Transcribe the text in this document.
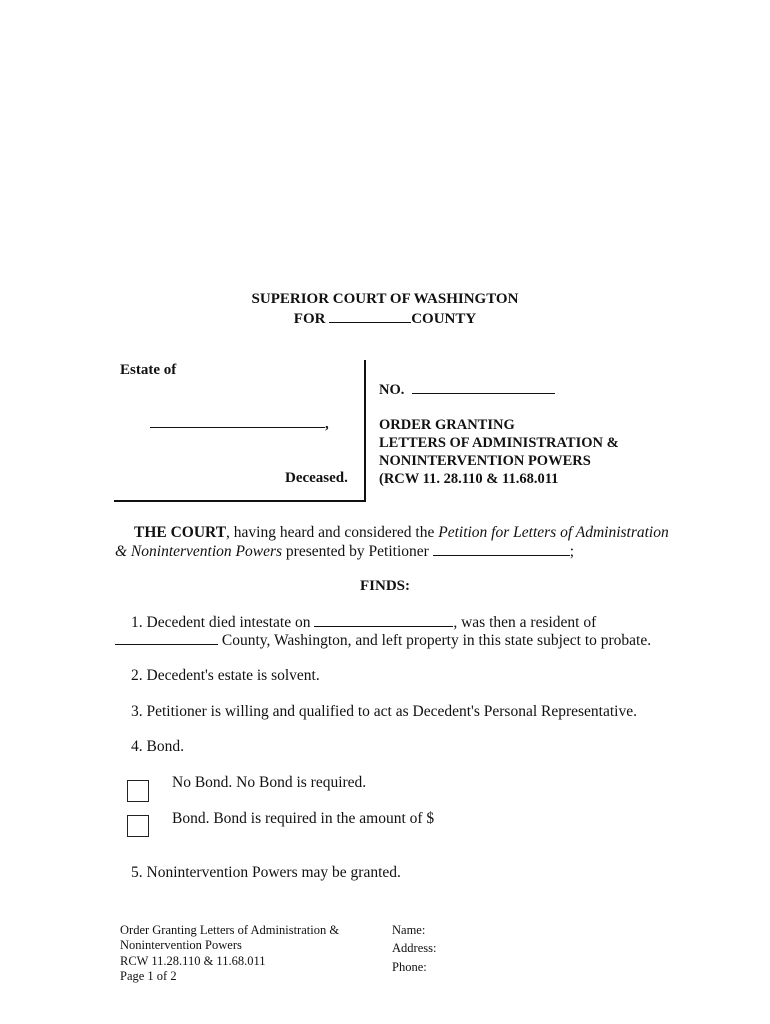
SUPERIOR COURT OF WASHINGTON
FOR	COUNTY
Estate of
,
Deceased.
NO.
ORDER GRANTING
LETTERS OF ADMINISTRATION &
NONINTERVENTION POWERS
(RCW 11. 28.110 & 11.68.011
THE COURT, having heard and considered the Petition for Letters of Administration
& Nonintervention Powers presented by Petitioner	;
FINDS:
1. Decedent died intestate on	, was then a resident of
County, Washington, and left property in this state subject to probate.
2. Decedent's estate is solvent.
3. Petitioner is willing and qualified to act as Decedent's Personal Representative.
4. Bond.
No Bond. No Bond is required.
Bond. Bond is required in the amount of $
5. Nonintervention Powers may be granted.
Order Granting Letters of Administration &
Nonintervention Powers
RCW 11.28.110 & 11.68.011
Page 1 of 2
Name:
Address:
Phone:
